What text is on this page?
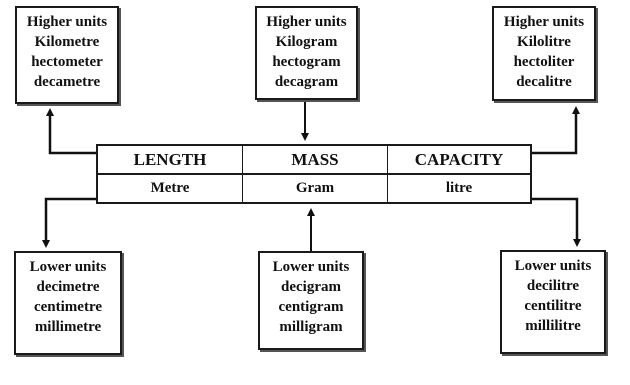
Higher units
Kilometre
hectometer
decametre
Higher units
Kilogram
hectogram
decagram
Higher units
Kilolitre
hectoliter
decalitre
LENGTH	MASS	CAPACITY
Metre	Gram	litre
Lower units
decimetre
centimetre
millimetre
Lower units
decigram
centigram
milligram
Lower units
decilitre
centilitre
millilitre
